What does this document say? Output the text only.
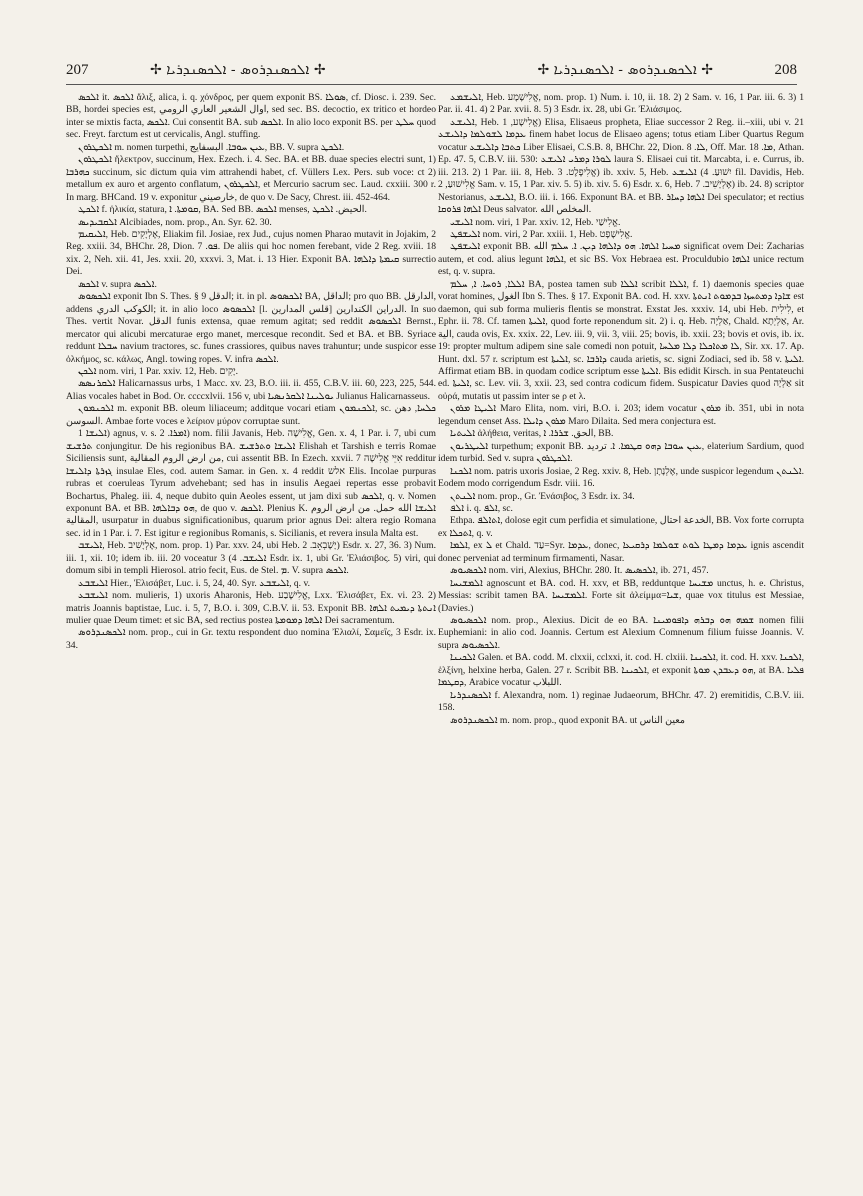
207	✢ ܐܠܟܣܢܕܪܘܣ - ܐܠܟܣܢܕܪܝܐ ✢	✢ ܐܠܟܣܢܕܪܘܣ - ܐܠܟܣܢܕܪܝܐ ✢	208

ܐܠܟܣ it. ܐܠܟܣ ἄλιξ, alica, i. q. χόνδρος, per quem exponit BS. ܣܘܠܐ, cf. Diosc. i. 239. Sec. BB, hordei species est, اوال الشعير العاري الرومي, sed sec. BS. decoctio, ex tritico et hordeo inter se mixtis facta, ܐܠܟܣ. Cui consentit BA. sub ܐܠܟܣ. In alio loco exponit BS. per ܚܠܛ quod sec. Freyt. farctum est ut cervicalis, Angl. stuffing.

ܐܠܟܛܪܘܢ m. nomen turpethi, ܥܝܢ ܚܘܒܐ. البسفايج, BB. V. supra ܐܠܟܛ.

ܐܠܟܛܪܘܢ ἤλεκτρον, succinum, Hex. Ezech. i. 4. Sec. BA. et BB. duae species electri sunt, 1) ܟܗܪܒܐ succinum, sic dictum quia vim attrahendi habet, cf. Vüllers Lex. Pers. sub voce: ct 2) metallum ex auro et argento conflatum, ܐܠܟܛܪܘܢ, et Mercurio sacrum sec. Laud. cxxiii. 300 r. In marg. BHCand. 19 v. exponitur خارصيني, de quo v. De Sacy, Chrest. iii. 452-464.

ܐܠܟܛ f. ἡλικία, statura, ܩܘܡܬܐ. ܐ, BA. Sed BB. ܐܠܟܣ menses, الحيض. ܐܠܟܛ.

ܐܠܩܒܝܕܝܣ Alcibiades, nom. prop., An. Syr. 62. 30.

ܐܠܝܩܝܡ, Heb. אֶלְיָקִים, Eliakim fil. Josiae, rex Jud., cujus nomen Pharao mutavit in Jojakim, 2 Reg. xxiii. 34, BHChr. 28, Dion. ܦܘ. 7. De aliis qui hoc nomen ferebant, vide 2 Reg. xviii. 18 xix. 2, Neh. xii. 41, Jes. xxii. 20, xxxvi. 3, Mat. i. 13 Hier. Exponit BA. ܩܝܡܬܐ ܕܐܠܗܐ surrectio Dei.

ܐܠܟܣ v. supra ܐܠܟܣ.

ܐܠܟܣܘܣ exponit Ibn S. Thes. § 9 الدقل; it. in pl. ܐܠܟܣܘܣ BA, الداقل; pro quo BB. الدارقل, addens الكوكب الدري; it. in alio loco ܐܠܟܣܘܣ [l. قلس المدارين] الدراين الكندارين. In suo Thes. vertit Novar. الدقل funis extensa, quae remum agitat; sed reddit ܐܠܟܣܘܣ Bernst., mercator qui alicubi mercaturae ergo manet, mercesque recondit. Sed et BA. et BB. Syriace reddunt ܚܒܠܐ navium tractores, sc. funes crassiores, quibus naves trahuntur; unde suspicor esse ὁλκήμος, sc. κάλως, Angl. towing ropes. V. infra ܐܠܟܣ.

ܐܠܟܢ nom. viri, 1 Par. xxiv. 12, Heb. יָקִים.

ܐܠܩܪܢܣܣ Halicarnassus urbs, 1 Macc. xv. 23, B.O. iii. ii. 455, C.B.V. iii. 60, 223, 225, 544. Alias vocales habet in Bod. Or. ccccxlvii. 156 v, ubi ܝܘܠܝܢܐ ܐܠܩܪܢܣܝܐ Julianus Halicarnasseus.

ܐܠܟܢܡܘܢ m. exponit BB. oleum liliaceum; additque vocari etiam ܐܠܟܢܡܘܢ, sc. ܟܠܚܐ, دهن السوسن. Ambae forte voces e λείριον μύρον corruptae sunt.

ܐܠܝܫܐ 1) agnus, v. s. ܐܡܪܐ. 2) nom. filii Javanis, Heb. אֱלִישָׁה, Gen. x. 4, 1 Par. i. 7, ubi cum ܬܪܫܝܫ conjungitur. De his regionibus BA. ܐܠܝܫܐ ܘܬܪܫܝܫ Elishah et Tarshish e terris Romae Siciliensis sunt, من ارض الروم المقالية, cui assentit BB. In Ezech. xxvii. 7 אִיֵּי אֱלִישָׁה redditur ܓܙܪܬܐ ܕܐܠܝܫܐ insulae Eles, cod. autem Samar. in Gen. x. 4 reddit אלש Elis. Incolae purpuras rubras et coeruleas Tyrum advehebant; sed has in insulis Aegaei repertas esse probavit Bochartus, Phaleg. iii. 4, neque dubito quin Aeoles essent, ut jam dixi sub ܐܠܟܣ, q. v. Nomen exponunt BA. et BB. ܗܘ ܕܒܐܠܗܐ, de quo v. ܐܠܟܣ. Plenius K. ܐܠܝܫܐ الله حمل. من ارض الروم المقالية, usurpatur in duabus significationibus, quarum prior agnus Dei: altera regio Romana sec. id in 1 Par. i. 7. Est igitur e regionibus Romanis, s. Sicilianis, et revera insula Malta est.

ܐܠܝܫܒ, Heb. אֶלְיָשִׁיב, nom. prop. 1) Par. xxv. 24, ubi Heb. יָשָׁבְאָב. 2) Esdr. x. 27, 36. 3) Num. iii. 1, xii. 10; idem ib. iii. 20 voceatur ܐܠܝܫܒ. 4) 3 Esdr. ix. 1, ubi Gr. Ἐλιάσιβος. 5) viri, qui domum sibi in templi Hierosol. atrio fecit, Eus. de Stel. ܡ. V. supra ܐܠܟܣ.

ܐܠܝܫܒܥ Hier., Ἐλισάβετ, Luc. i. 5, 24, 40. Syr. ܐܠܝܫܒܥ, q. v.

ܐܠܝܫܒܥ nom. mulieris, 1) uxoris Aharonis, Heb. אֱלִישֶׁבַע, Lxx. Ἐλισάβετ, Ex. vi. 23. 2) matris Joannis baptistae, Luc. i. 5, 7, B.O. i. 309, C.B.V. ii. 53. Exponit BB. ܐܢܬܬܐ ܕܝܡܝܬ ܐܠܗܐ mulier quae Deum timet: et sic BA, sed rectius postea ܐܠܗܐ ܕܡܘܡܬܐ Dei sacramentum.

ܐܠܟܣܢܕܪܘܣ nom. prop., cui in Gr. textu respondent duo nomina Ἐλιαλί, Σαμεΐς, 3 Esdr. ix. 34.

ܐܠܝܫܡܥ, Heb. אֱלִישָׁמָע, nom. prop. 1) Num. i. 10, ii. 18. 2) 2 Sam. v. 16, 1 Par. iii. 6. 3) 1 Par. ii. 41. 4) 2 Par. xvii. 8. 5) 3 Esdr. ix. 28, ubi Gr. Ἐλιάσιμος.

ܐܠܝܫܥ, Heb. אֱלִישָׁע, 1) Elisa, Elisaeus propheta, Eliae successor 2 Reg. ii.–xiii, ubi v. 21 ܥܕܡܐ ܠܫܘܠܡܐ ܕܐܠܝܫܥ finem habet locus de Elisaeo agens; totus etiam Liber Quartus Regum vocatur ܟܬܒܐ ܕܐܠܝܫܥ Liber Elisaei, C.S.B. 8, BHChr. 22, Dion. ܠܐ. 8, Off. Mar. ܡܐ. 18, Athan. Ep. 47. 5, C.B.V. iii. 530: ܠܘܪܐ ܕܡܪܝ ܐܠܝܫܥ laura S. Elisaei cui tit. Marcabta, i. e. Currus, ib. iii. 213. 2) 1 Par. iii. 8, Heb. אֱלִיפֶלֶט. 3) ib. xxiv. 5, Heb. יִשׁוּעַ. 4) ܐܠܝܫܥ fil. Davidis, Heb. אֱלִישׁוּעַ, 2 Sam. v. 15, 1 Par. xiv. 5. 5) ib. xiv. 5. 6) Esdr. x. 6, Heb. אֶלְיָשִׁיב. 7) ib. 24. 8) scriptor Nestorianus, ܐܠܝܫܥ, B.O. iii. i. 166. Exponunt BA. et BB. ܐܠܗܐ ܕܚܐܪ Dei speculator; et rectius ܐܠܗܐ ܦܪܘܩܐ Deus salvator. المخلص الله.

ܐܠܝܫܝ nom. viri, 1 Par. xxiv. 12, Heb. אֱלִישַׁי.

ܐܠܝܫܦܛ nom. viri, 2 Par. xxiii. 1, Heb. אֱלִישָׁפָט.

ܐܠܝܫܦܛ exponit BB. ܡܚܝܐ ܐܠܗܐ. ܗܘ ܕܐܠܗܐ ܕܝܢ. ܐ. ܚܠܡ الله significat ovem Dei: Zacharias autem, et cod. alius legunt ܐܠܗܐ, et sic BS. Vox Hebraea est. Proculdubio ܐܠܗܐ unice rectum est, q. v. supra.

ܐܠܠܐ, ܪܘܚܐ. ܐ, ܚܠܡ BA, postea tamen sub ܐܠܠܐ scribit ܐܠܠܐ, f. 1) daemonis species quae vorat homines, الغول Ibn S. Thes. § 17. Exponit BA. cod. H. xxv. ܫܐܕܐ ܕܡܬܚܙܐ ܒܕܡܘܬ ܐܢܬܬܐ est daemon, qui sub forma mulieris flentis se monstrat. Exstat Jes. xxxiv. 14, ubi Heb. לִילִית, et Ephr. ii. 78. Cf. tamen ܐܠܝܬܐ, quod forte reponendum sit. 2) i. q. Heb. אַלְיָה, Chald. אַלְיְתָא, Ar. الية, cauda ovis, Ex. xxix. 22, Lev. iii. 9, vii. 3, viii. 25; bovis, ib. xxii. 23; bovis et ovis, ib. ix. 19: propter multum adipem sine sale comedi non potuit, ܠܐ ܡܬܐܟܠܐ ܕܠܐ ܡܠܚܐ, Sir. xx. 17. Ap. Hunt. dxl. 57 r. scriptum est ܐܠܝܬܐ, sc. ܕܐܪܒܐ cauda arietis, sc. signi Zodiaci, sed ib. 58 v. ܐܠܝܬܐ. Affirmat etiam BB. in quodam codice scriptum esse ܐܠܝܬܐ. Bis edidit Kirsch. in sua Pentateuchi ed. ܐܠܝܬܐ, sc. Lev. vii. 3, xxii. 23, sed contra codicum fidem. Suspicatur Davies quod אַלְיָה sit οὐρά, mutatis ut passim inter se ρ et λ.

ܐܠܝܛܐ ܡܪܘܢ Maro Elita, nom. viri, B.O. i. 203; idem vocatur ܡܪܘܢ ib. 351, ubi in nota legendum censet Ass. ܡܪܘܢ ܕܐܝܠܐ Maro Dilaita. Sed mera conjectura est.

ܐܠܝܬܝܐ ἀλήθεια, veritas, الحق. ܫܪܪܐ. ܐ, BB.

ܐܠܝܛܪܝܘܢ turpethum; exponit BB. ܥܝܢ ܚܘܒܐ ܕܗܘ ܩܛܡܐ. ܐ. ترديد, elaterium Sardium, quod idem turbid. Sed v. supra ܐܠܟܛܪܘܢ.

ܐܠܟܢܐ nom. patris uxoris Josiae, 2 Reg. xxiv. 8, Heb. אֶלְנָתָן, unde suspicor legendum ܐܠܢܬܢ. Eodem modo corrigendum Esdr. viii. 16.

ܐܠܢܬܢ nom. prop., Gr. Ἐνάσιβος, 3 Esdr. ix. 34.

ܐܠܦ i. q. ܐܠܦ, sc.

Ethpa. ܐܬܐܠܦ, dolose egit cum perfidia et simulatione, الخدعة احتال, BB. Vox forte corrupta ex ܐܬܟܠܐ, q. v.

ܐܠܡܐ, ex ܠ et Chald. עַד=Syr. ܥܕܡܐ, donec, ܥܕܡܐ ܕܡܛܐ ܠܘܬ ܫܘܠܡܐ ܕܪܩܝܥܐ ignis ascendit donec perveniat ad terminum firmamenti, Nasar.

ܐܠܟܣܝܘܣ nom. viri, Alexius, BHChr. 280. It. ܐܠܟܣܝܣ, ib. 271, 457.

ܐܠܡܫܝܚܐ agnoscunt et BA. cod. H. xxv, et BB, redduntque ܡܫܝܚܐ unctus, h. e. Christus, Messias: scribit tamen BA. ܐܠܡܫܝܚܐ. Forte sit ἀλείμμα=ܫܝܐ, quae vox titulus est Messiae, (Davies.)

ܐܠܟܣܝܘܣ nom. prop., Alexius. Dicit de eo BA. ܫܡܗ ܗܘ ܕܒܪܗ ܕܐܦܘܡܝܢܐ nomen filii Euphemiani: in alio cod. Joannis. Certum est Alexium Comnenum filium fuisse Joannis. V. supra ܐܠܟܣܝܘܣ.

ܐܠܟܝܢܐ Galen. et BA. codd. M. clxxii, cclxxi, it. cod. H. clxiii. ܐܠܟܝܢܐ, it. cod. H. xxv. ܐܠܟܢܐ, ἑλξίνη, helxine herba, Galen. 27 r. Scribit BB. ܐܠܟܝܢܐ, et exponit ܗܘ ܕܥܒܕܢ ܡܘܬܐ, at BA. ܦܠܝܐ ܕܩܛܡܐ, Arabice vocatur اللبلاب.

ܐܠܟܣܢܕܪܝܐ f. Alexandra, nom. 1) reginae Judaeorum, BHChr. 47. 2) eremitidis, C.B.V. iii. 158.

ܐܠܟܣܢܕܪܘܣ m. nom. prop., quod exponit BA. ut معين الناس
